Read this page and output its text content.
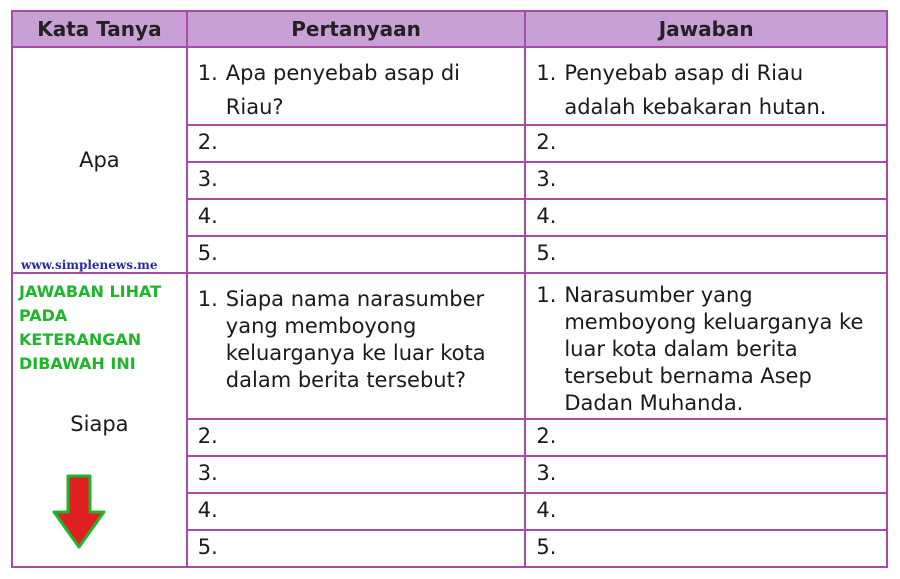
Kata Tanya	Pertanyaan	Jawaban

Apa
www.simplenews.me	1. Apa penyebab asap di Riau?	1. Penyebab asap di Riau adalah kebakaran hutan.

	2.	2.

	3.	3.

	4.	4.

	5.	5.

JAWABAN LIHAT PADA KETERANGAN DIBAWAH INI
Siapa	1. Siapa nama narasumber yang memboyong keluarganya ke luar kota dalam berita tersebut?	1. Narasumber yang memboyong keluarganya ke luar kota dalam berita tersebut bernama Asep Dadan Muhanda.

	2.	2.

	3.	3.

	4.	4.

	5.	5.
